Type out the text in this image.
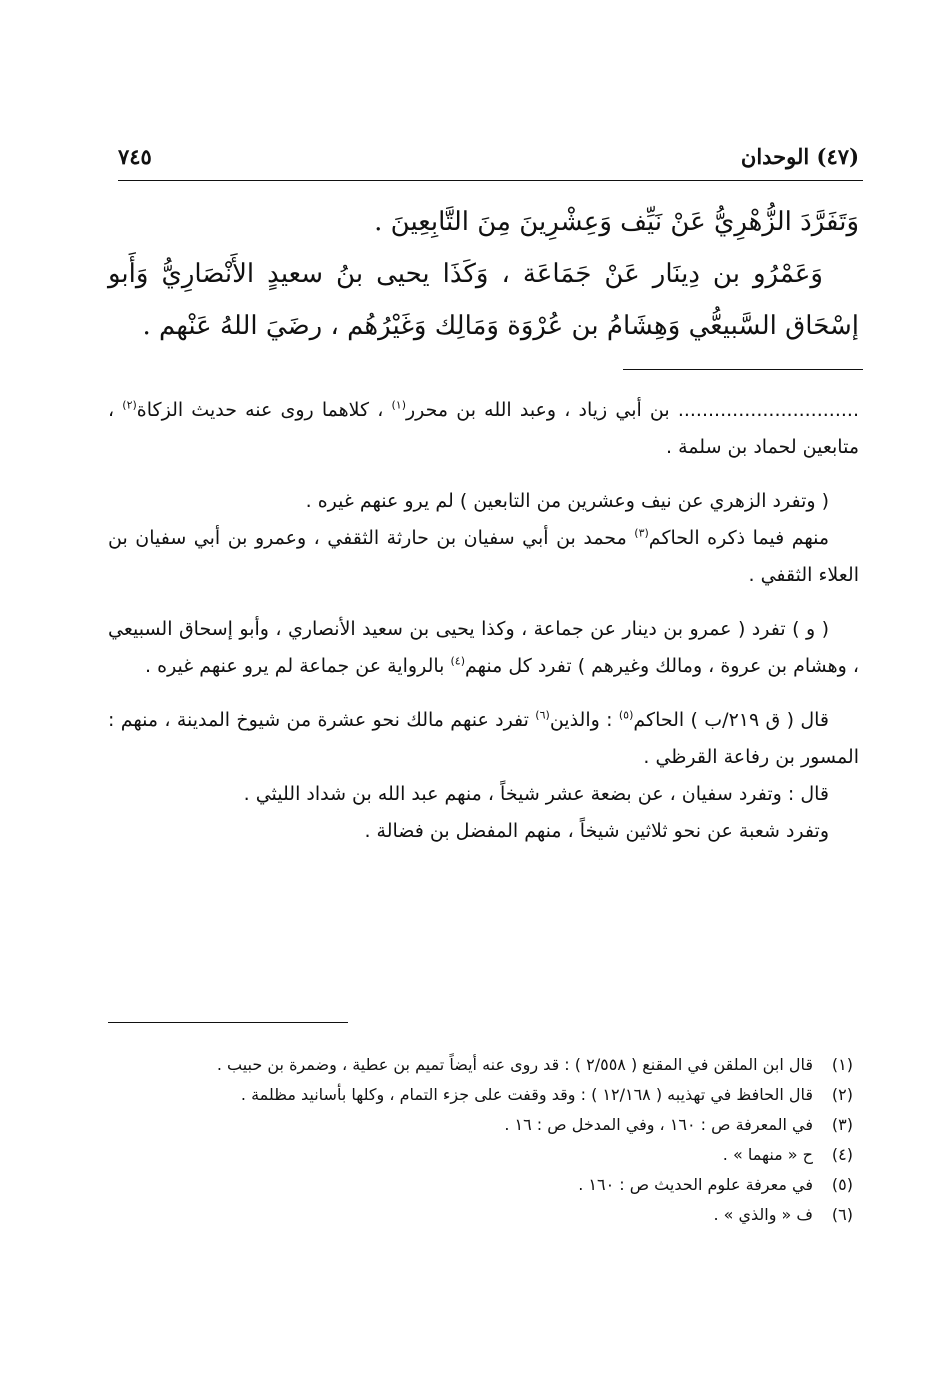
(٤٧) الوحدان
٧٤٥

وَتَفَرَّدَ الزُّهْرِيُّ عَنْ نَيِّف وَعِشْرِينَ مِنَ التَّابِعِينَ .

وَعَمْرُو بن دِينَار عَنْ جَمَاعَة ، وَكَذَا يحيى بنُ سعيدٍ الأَنْصَارِيُّ وَأَبو إسْحَاق السَّبيعُّي وَهِشَامُ بن عُرْوَة وَمَالِك وَغَيْرُهُم ، رضَيَ اللهُ عَنْهم .

.............................. بن أبي زياد ، وعبد الله بن محرر$^{(١)}$ ، كلاهما روى عنه حديث الزكاة$^{(٢)}$ ، متابعين لحماد بن سلمة .

( وتفرد الزهري عن نيف وعشرين من التابعين ) لم يرو عنهم غيره .

منهم فيما ذكره الحاكم$^{(٣)}$ محمد بن أبي سفيان بن حارثة الثقفي ، وعمرو بن أبي سفيان بن العلاء الثقفي .

( و ) تفرد ( عمرو بن دينار عن جماعة ، وكذا يحيى بن سعيد الأنصاري ، وأبو إسحاق السبيعي ، وهشام بن عروة ، ومالك وغيرهم ) تفرد كل منهم$^{(٤)}$ بالرواية عن جماعة لم يرو عنهم غيره .

قال ( ق ٢١٩/ب ) الحاكم$^{(٥)}$ : والذين$^{(٦)}$ تفرد عنهم مالك نحو عشرة من شيوخ المدينة ، منهم : المسور بن رفاعة القرظي .

قال : وتفرد سفيان ، عن بضعة عشر شيخاً ، منهم عبد الله بن شداد الليثي .

وتفرد شعبة عن نحو ثلاثين شيخاً ، منهم المفضل بن فضالة .

(١)
قال ابن الملقن في المقنع ( ٢/٥٥٨ ) : قد روى عنه أيضاً تميم بن عطية ، وضمرة بن حبيب .

(٢)
قال الحافظ في تهذيبه ( ١٢/١٦٨ ) : وقد وقفت على جزء التمام ، وكلها بأسانيد مظلمة .

(٣)
في المعرفة ص : ١٦٠ ، وفي المدخل ص : ١٦ .

(٤)
ح « منهما » .

(٥)
في معرفة علوم الحديث ص : ١٦٠ .

(٦)
ف « والذي » .
